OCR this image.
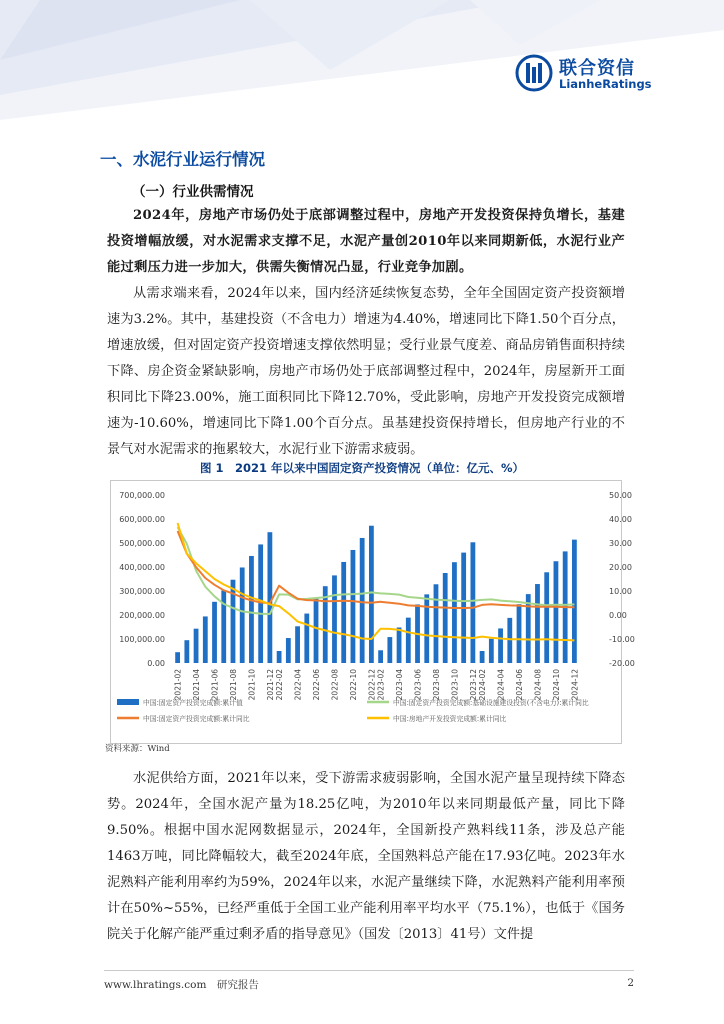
联合资信
LianheRatings
一、水泥行业运行情况
（一）行业供需情况

2024年，房地产市场仍处于底部调整过程中，房地产开发投资保持负增长，基建投资增幅放缓，对水泥需求支撑不足，水泥产量创2010年以来同期新低，水泥行业产能过剩压力进一步加大，供需失衡情况凸显，行业竞争加剧。

从需求端来看，2024年以来，国内经济延续恢复态势，全年全国固定资产投资额增速为3.2%。其中，基建投资（不含电力）增速为4.40%，增速同比下降1.50个百分点，增速放缓，但对固定资产投资增速支撑依然明显；受行业景气度差、商品房销售面积持续下降、房企资金紧缺影响，房地产市场仍处于底部调整过程中，2024年，房屋新开工面积同比下降23.00%，施工面积同比下降12.70%，受此影响，房地产开发投资完成额增速为-10.60%，增速同比下降1.00个百分点。虽基建投资保持增长，但房地产行业的不景气对水泥需求的拖累较大，水泥行业下游需求疲弱。

图 1　2021 年以来中国固定资产投资情况（单位：亿元、%）
0.00
100,000.00
200,000.00
300,000.00
400,000.00
500,000.00
600,000.00
700,000.00
-20.00
-10.00
0.00
10.00
20.00
30.00
40.00
50.00
2021-02 2021-04 2021-06 2021-08 2021-10 2021-12 2022-02 2022-04 2022-06 2022-08 2022-10 2022-12 2023-02 2023-04 2023-06 2023-08 2023-10 2023-12 2024-02 2024-04 2024-06 2024-08 2024-10 2024-12
中国:固定资产投资完成额:累计值	中国:固定资产投资完成额:基础设施建设投资(不含电力):累计同比
中国:固定资产投资完成额:累计同比	中国:房地产开发投资完成额:累计同比
资料来源：Wind

水泥供给方面，2021年以来，受下游需求疲弱影响，全国水泥产量呈现持续下降态势。2024年，全国水泥产量为18.25亿吨，为2010年以来同期最低产量，同比下降9.50%。根据中国水泥网数据显示，2024年，全国新投产熟料线11条，涉及总产能1463万吨，同比降幅较大，截至2024年底，全国熟料总产能在17.93亿吨。2023年水泥熟料产能利用率约为59%，2024年以来，水泥产量继续下降，水泥熟料产能利用率预计在50%~55%，已经严重低于全国工业产能利用率平均水平（75.1%），也低于《国务院关于化解产能严重过剩矛盾的指导意见》（国发〔2013〕41号）文件提

www.lhratings.com　研究报告	2
